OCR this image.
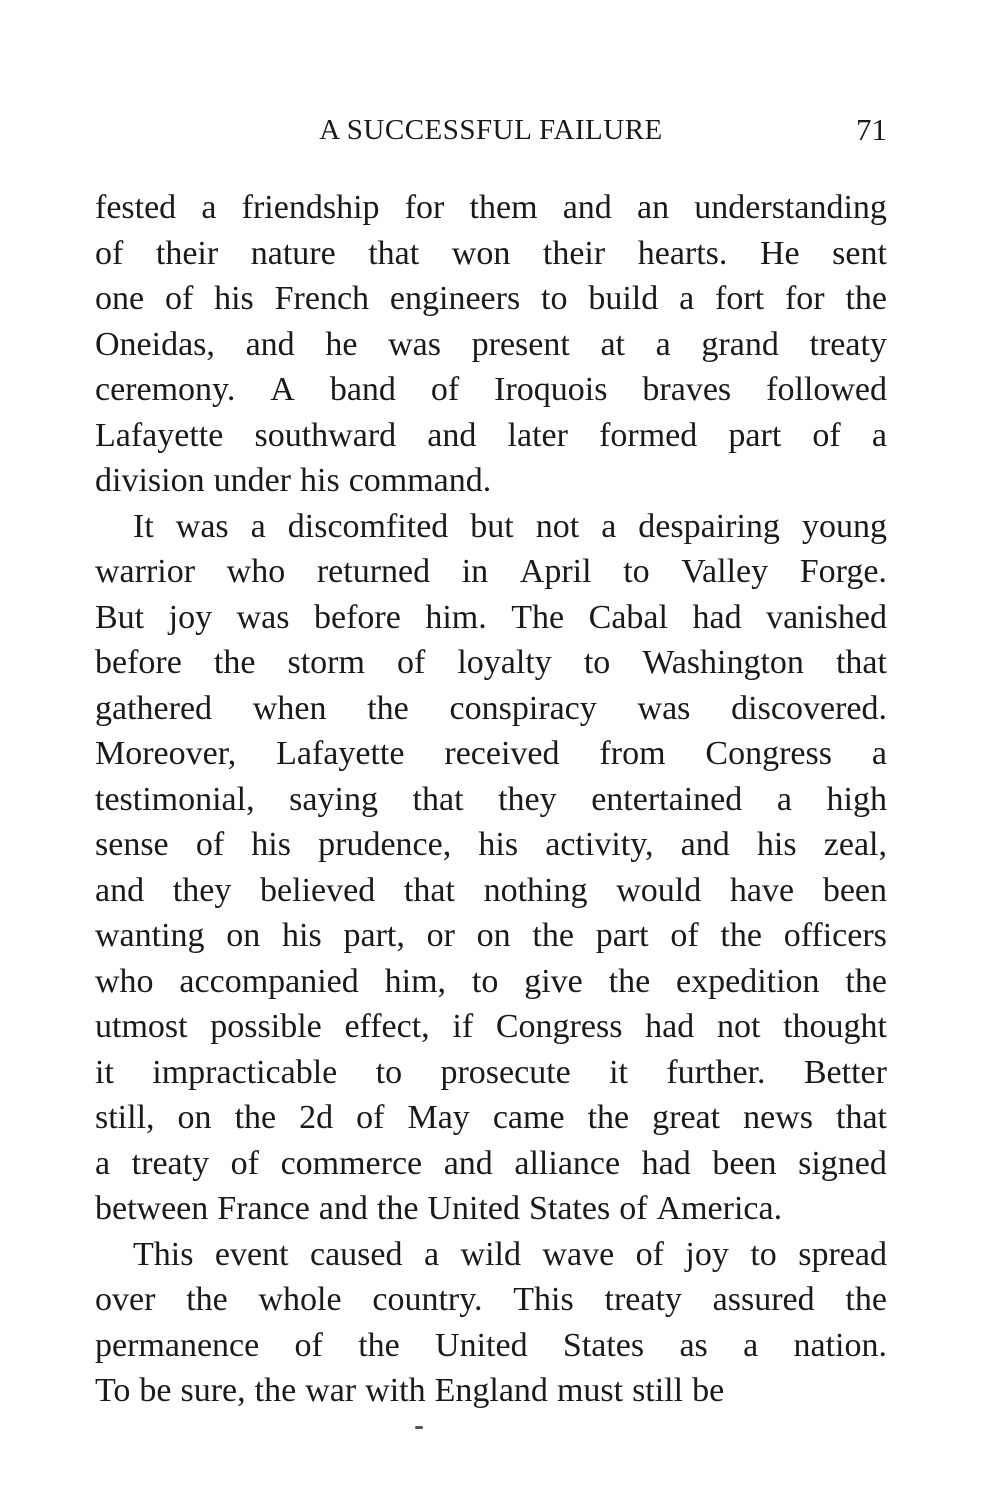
A SUCCESSFUL FAILURE	71
fested a friendship for them and an understanding
of their nature that won their hearts. He sent
one of his French engineers to build a fort for the
Oneidas, and he was present at a grand treaty
ceremony. A band of Iroquois braves followed
Lafayette southward and later formed part of a
division under his command.
It was a discomfited but not a despairing young
warrior who returned in April to Valley Forge.
But joy was before him. The Cabal had vanished
before the storm of loyalty to Washington that
gathered when the conspiracy was discovered.
Moreover, Lafayette received from Congress a
testimonial, saying that they entertained a high
sense of his prudence, his activity, and his zeal,
and they believed that nothing would have been
wanting on his part, or on the part of the officers
who accompanied him, to give the expedition the
utmost possible effect, if Congress had not thought
it impracticable to prosecute it further. Better
still, on the 2d of May came the great news that
a treaty of commerce and alliance had been signed
between France and the United States of America.
This event caused a wild wave of joy to spread
over the whole country. This treaty assured the
permanence of the United States as a nation.
To be sure, the war with England must still be
